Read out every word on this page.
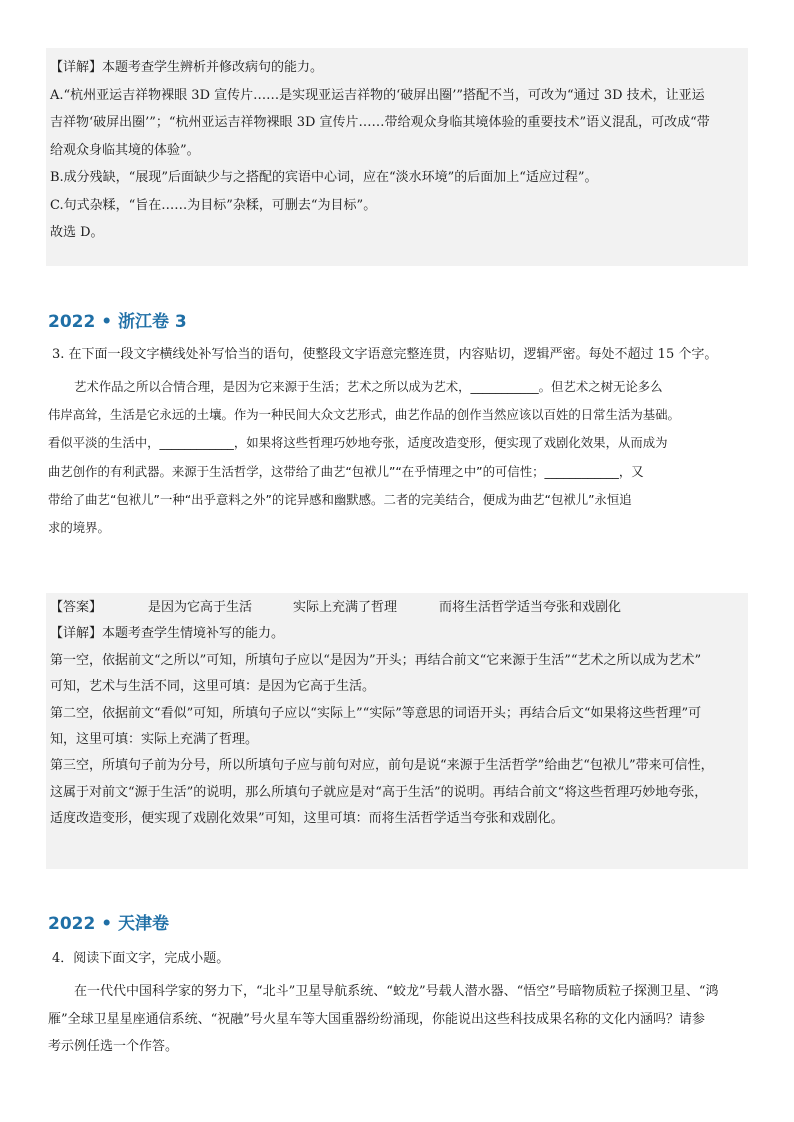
【详解】本题考查学生辨析并修改病句的能力。

A.“杭州亚运吉祥物裸眼 3D 宣传片……是实现亚运吉祥物的‘破屏出圈’”搭配不当，可改为“通过 3D 技术，让亚运

吉祥物‘破屏出圈’”；“杭州亚运吉祥物裸眼 3D 宣传片……带给观众身临其境体验的重要技术”语义混乱，可改成“带

给观众身临其境的体验”。

B.成分残缺，“展现”后面缺少与之搭配的宾语中心词，应在“淡水环境”的后面加上“适应过程”。

C.句式杂糅，“旨在……为目标”杂糅，可删去“为目标”。

故选 D。

2022 • 浙江卷 3

3. 在下面一段文字横线处补写恰当的语句，使整段文字语意完整连贯，内容贴切，逻辑严密。每处不超过 15 个字。

艺术作品之所以合情合理，是因为它来源于生活；艺术之所以成为艺术，___________。但艺术之树无论多么

伟岸高耸，生活是它永远的土壤。作为一种民间大众文艺形式，曲艺作品的创作当然应该以百姓的日常生活为基础。

看似平淡的生活中，____________，如果将这些哲理巧妙地夸张，适度改造变形，便实现了戏剧化效果，从而成为

曲艺创作的有利武器。来源于生活哲学，这带给了曲艺“包袱儿”“在乎情理之中”的可信性；____________，又

带给了曲艺“包袱儿”一种“出乎意料之外”的诧异感和幽默感。二者的完美结合，便成为曲艺“包袱儿”永恒追

求的境界。

【答案】	是因为它高于生活	实际上充满了哲理	而将生活哲学适当夸张和戏剧化

【详解】本题考查学生情境补写的能力。

第一空，依据前文“之所以”可知，所填句子应以“是因为”开头；再结合前文“它来源于生活”“艺术之所以成为艺术”

可知，艺术与生活不同，这里可填：是因为它高于生活。

第二空，依据前文“看似”可知，所填句子应以“实际上”“实际”等意思的词语开头；再结合后文“如果将这些哲理”可

知，这里可填：实际上充满了哲理。

第三空，所填句子前为分号，所以所填句子应与前句对应，前句是说“来源于生活哲学”给曲艺“包袱儿”带来可信性，

这属于对前文“源于生活”的说明，那么所填句子就应是对“高于生活”的说明。再结合前文“将这些哲理巧妙地夸张，

适度改造变形，便实现了戏剧化效果”可知，这里可填：而将生活哲学适当夸张和戏剧化。

2022 • 天津卷

4．阅读下面文字，完成小题。

在一代代中国科学家的努力下，“北斗”卫星导航系统、“蛟龙”号载人潜水器、“悟空”号暗物质粒子探测卫星、“鸿

雁”全球卫星星座通信系统、“祝融”号火星车等大国重器纷纷涌现，你能说出这些科技成果名称的文化内涵吗？请参

考示例任选一个作答。
